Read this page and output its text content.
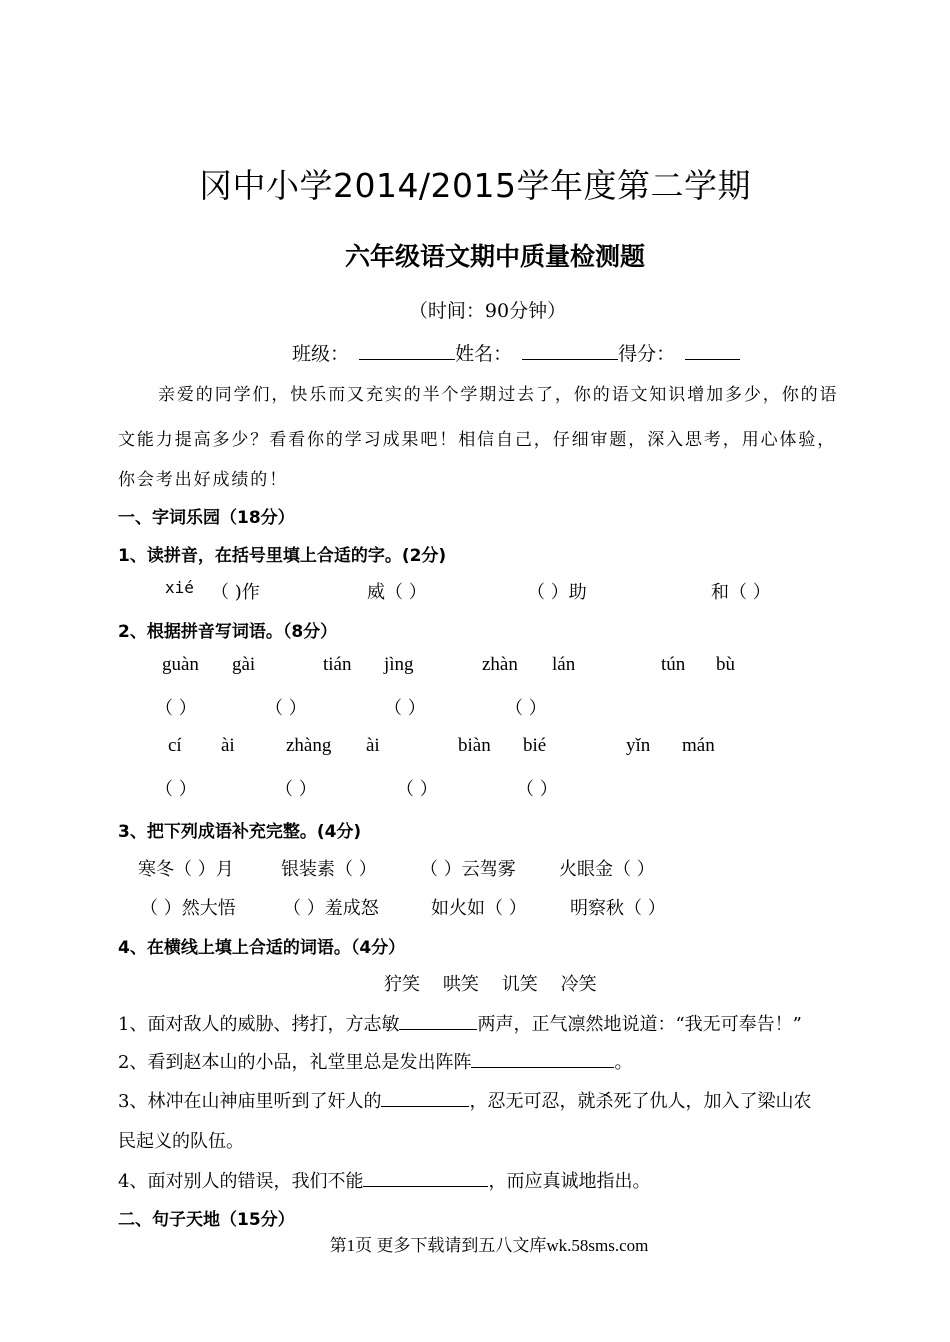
冈中小学2014/2015学年度第二学期
六年级语文期中质量检测题
（时间：90分钟）
班级：	姓名：	得分：
亲爱的同学们，快乐而又充实的半个学期过去了，你的语文知识增加多少，你的语
文能力提高多少？看看你的学习成果吧！相信自己，仔细审题，深入思考，用心体验，
你会考出好成绩的！
一、字词乐园（18分）
1、读拼音，在括号里填上合适的字。(2分)
xié （ )作	威（ ）	（ ）助	和（ ）
2、根据拼音写词语。（8分）
guàn gài	tián jìng	zhàn lán	tún bù
（ ）	（ ）	（ ）	（ ）
cí ài	zhàng ài	biàn bié	yǐn mán
（ ）	（ ）	（ ）	（ ）
3、把下列成语补充完整。(4分)
寒冬（ ）月	银装素（ ） （ ）云驾雾 火眼金（ ）
（ ）然大悟	（ ）羞成怒	如火如（ ） 明察秋（ ）
4、在横线上填上合适的词语。（4分）
狞笑    哄笑    讥笑    冷笑
1、面对敌人的威胁、拷打，方志敏	两声，正气凛然地说道：“我无可奉告！”
2、看到赵本山的小品，礼堂里总是发出阵阵	。
3、林冲在山神庙里听到了奸人的	，忍无可忍，就杀死了仇人，加入了梁山农
民起义的队伍。
4、面对别人的错误，我们不能	，而应真诚地指出。
二、句子天地（15分）
第1页 更多下载请到五八文库wk.58sms.com
